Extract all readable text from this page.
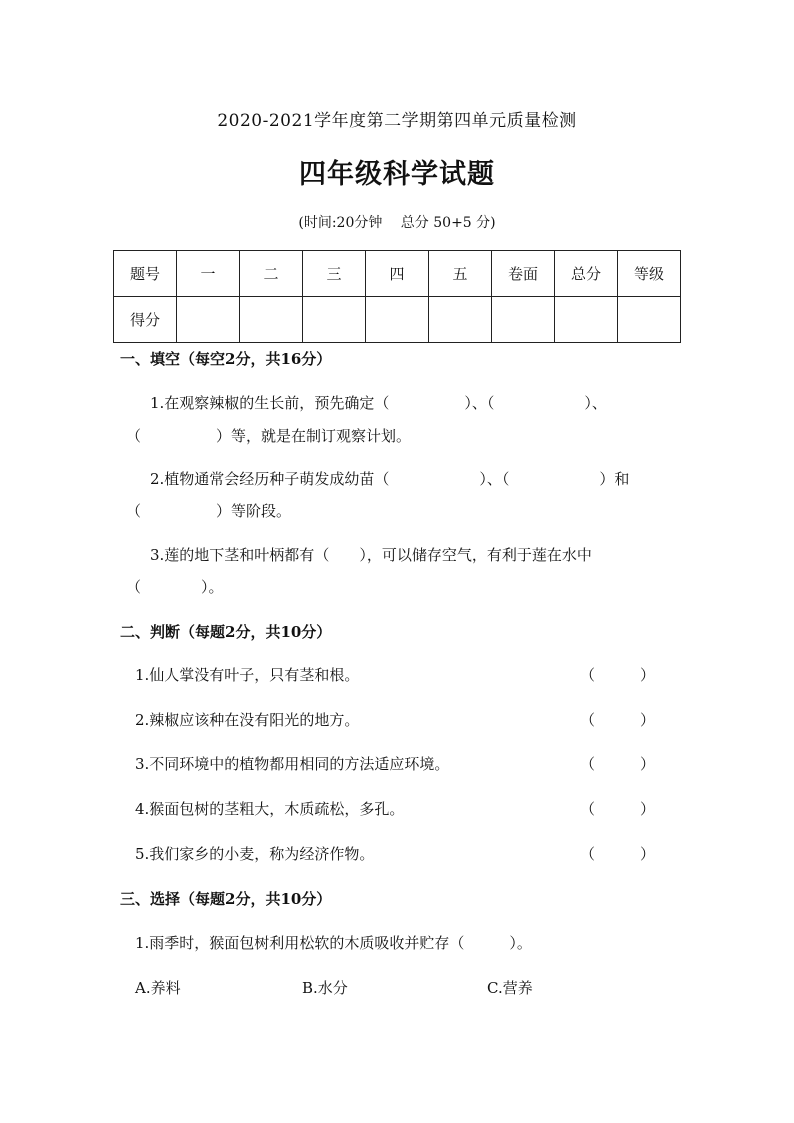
2020-2021学年度第二学期第四单元质量检测
四年级科学试题
(时间:20分钟　 总分 50+5 分)
题号	一	二	三	四	五	卷面	总分	等级
得分								
一、填空（每空2分，共16分）
1.在观察辣椒的生长前，预先确定（　　　　　）、（　　　　　　）、
（　　　　　）等，就是在制订观察计划。
2.植物通常会经历种子萌发成幼苗（　　　　　　）、（　　　　　　）和
（　　　　　）等阶段。
3.莲的地下茎和叶柄都有（　　），可以储存空气，有利于莲在水中
（　　　　）。
二、判断（每题2分，共10分）
1.仙人掌没有叶子，只有茎和根。	（　　　）
2.辣椒应该种在没有阳光的地方。	（　　　）
3.不同环境中的植物都用相同的方法适应环境。	（　　　）
4.猴面包树的茎粗大，木质疏松，多孔。	（　　　）
5.我们家乡的小麦，称为经济作物。	（　　　）
三、选择（每题2分，共10分）
1.雨季时，猴面包树利用松软的木质吸收并贮存（　　　）。
A.养料	B.水分	C.营养
